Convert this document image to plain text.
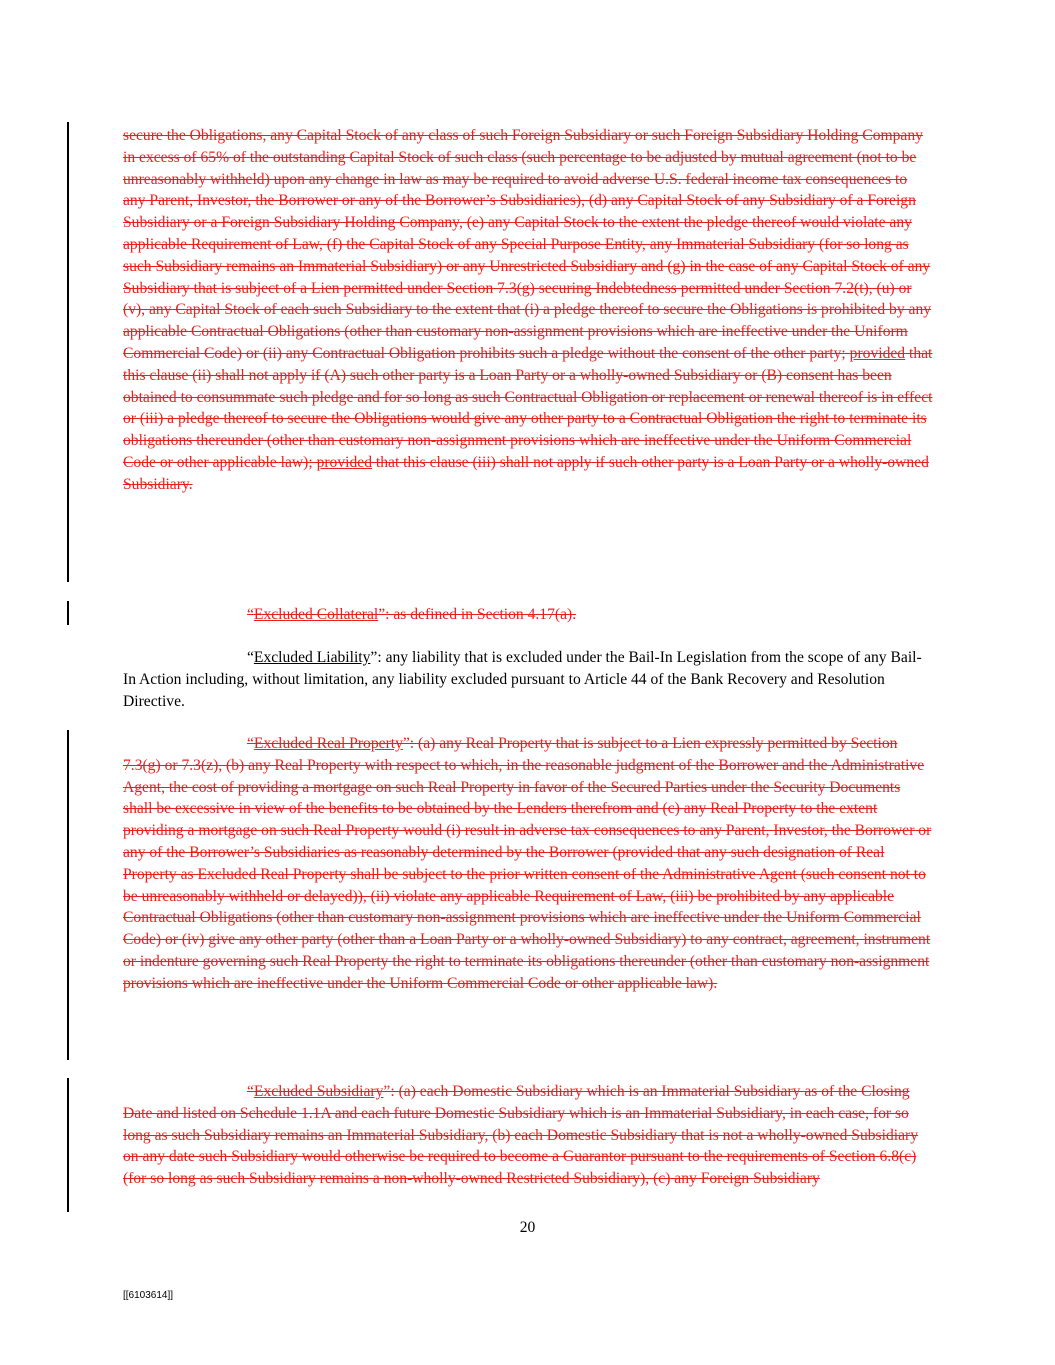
secure the Obligations, any Capital Stock of any class of such Foreign Subsidiary or such Foreign Subsidiary Holding Company in excess of 65% of the outstanding Capital Stock of such class (such percentage to be adjusted by mutual agreement (not to be unreasonably withheld) upon any change in law as may be required to avoid adverse U.S. federal income tax consequences to any Parent, Investor, the Borrower or any of the Borrower’s Subsidiaries), (d) any Capital Stock of any Subsidiary of a Foreign Subsidiary or a Foreign Subsidiary Holding Company, (e) any Capital Stock to the extent the pledge thereof would violate any applicable Requirement of Law, (f) the Capital Stock of any Special Purpose Entity, any Immaterial Subsidiary (for so long as such Subsidiary remains an Immaterial Subsidiary) or any Unrestricted Subsidiary and (g) in the case of any Capital Stock of any Subsidiary that is subject of a Lien permitted under Section 7.3(g) securing Indebtedness permitted under Section 7.2(t), (u) or (v), any Capital Stock of each such Subsidiary to the extent that (i) a pledge thereof to secure the Obligations is prohibited by any applicable Contractual Obligations (other than customary non-assignment provisions which are ineffective under the Uniform Commercial Code) or (ii) any Contractual Obligation prohibits such a pledge without the consent of the other party; provided that this clause (ii) shall not apply if (A) such other party is a Loan Party or a wholly-owned Subsidiary or (B) consent has been obtained to consummate such pledge and for so long as such Contractual Obligation or replacement or renewal thereof is in effect or (iii) a pledge thereof to secure the Obligations would give any other party to a Contractual Obligation the right to terminate its obligations thereunder (other than customary non-assignment provisions which are ineffective under the Uniform Commercial Code or other applicable law); provided that this clause (iii) shall not apply if such other party is a Loan Party or a wholly-owned Subsidiary.

“Excluded Collateral”: as defined in Section 4.17(a).

“Excluded Liability”: any liability that is excluded under the Bail-In Legislation from the scope of any Bail-In Action including, without limitation, any liability excluded pursuant to Article 44 of the Bank Recovery and Resolution Directive.

“Excluded Real Property”: (a) any Real Property that is subject to a Lien expressly permitted by Section 7.3(g) or 7.3(z), (b) any Real Property with respect to which, in the reasonable judgment of the Borrower and the Administrative Agent, the cost of providing a mortgage on such Real Property in favor of the Secured Parties under the Security Documents shall be excessive in view of the benefits to be obtained by the Lenders therefrom and (c) any Real Property to the extent providing a mortgage on such Real Property would (i) result in adverse tax consequences to any Parent, Investor, the Borrower or any of the Borrower’s Subsidiaries as reasonably determined by the Borrower (provided that any such designation of Real Property as Excluded Real Property shall be subject to the prior written consent of the Administrative Agent (such consent not to be unreasonably withheld or delayed)), (ii) violate any applicable Requirement of Law, (iii) be prohibited by any applicable Contractual Obligations (other than customary non-assignment provisions which are ineffective under the Uniform Commercial Code) or (iv) give any other party (other than a Loan Party or a wholly-owned Subsidiary) to any contract, agreement, instrument or indenture governing such Real Property the right to terminate its obligations thereunder (other than customary non-assignment provisions which are ineffective under the Uniform Commercial Code or other applicable law).

“Excluded Subsidiary”: (a) each Domestic Subsidiary which is an Immaterial Subsidiary as of the Closing Date and listed on Schedule 1.1A and each future Domestic Subsidiary which is an Immaterial Subsidiary, in each case, for so long as such Subsidiary remains an Immaterial Subsidiary, (b) each Domestic Subsidiary that is not a wholly-owned Subsidiary on any date such Subsidiary would otherwise be required to become a Guarantor pursuant to the requirements of Section 6.8(c) (for so long as such Subsidiary remains a non-wholly-owned Restricted Subsidiary), (c) any Foreign Subsidiary

20
[[6103614]]
